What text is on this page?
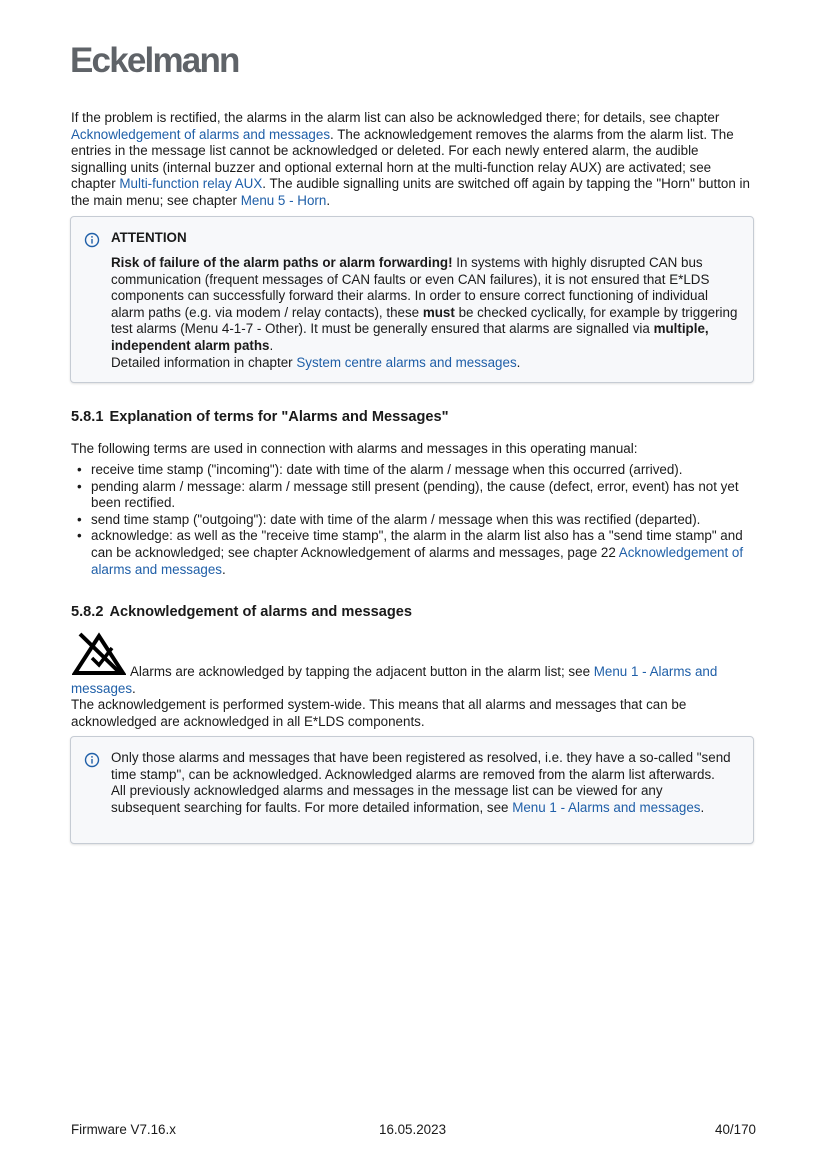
Eckelmann

If the problem is rectified, the alarms in the alarm list can also be acknowledged there; for details, see chapter Acknowledgement of alarms and messages. The acknowledgement removes the alarms from the alarm list. The entries in the message list cannot be acknowledged or deleted. For each newly entered alarm, the audible signalling units (internal buzzer and optional external horn at the multi-function relay AUX) are activated; see chapter Multi-function relay AUX. The audible signalling units are switched off again by tapping the "Horn" button in the main menu; see chapter Menu 5 - Horn.

ATTENTION
Risk of failure of the alarm paths or alarm forwarding! In systems with highly disrupted CAN bus communication (frequent messages of CAN faults or even CAN failures), it is not ensured that E*LDS components can successfully forward their alarms. In order to ensure correct functioning of individual alarm paths (e.g. via modem / relay contacts), these must be checked cyclically, for example by triggering test alarms (Menu 4-1-7 - Other). It must be generally ensured that alarms are signalled via multiple, independent alarm paths.
Detailed information in chapter System centre alarms and messages.
5.8.1 Explanation of terms for "Alarms and Messages"

The following terms are used in connection with alarms and messages in this operating manual:

• receive time stamp ("incoming"): date with time of the alarm / message when this occurred (arrived).
• pending alarm / message: alarm / message still present (pending), the cause (defect, error, event) has not yet been rectified.
• send time stamp ("outgoing"): date with time of the alarm / message when this was rectified (departed).
• acknowledge: as well as the "receive time stamp", the alarm in the alarm list also has a "send time stamp" and can be acknowledged; see chapter Acknowledgement of alarms and messages, page 22 Acknowledgement of alarms and messages.
5.8.2 Acknowledgement of alarms and messages

Alarms are acknowledged by tapping the adjacent button in the alarm list; see Menu 1 - Alarms and messages.

The acknowledgement is performed system-wide. This means that all alarms and messages that can be acknowledged are acknowledged in all E*LDS components.

Only those alarms and messages that have been registered as resolved, i.e. they have a so-called "send time stamp", can be acknowledged. Acknowledged alarms are removed from the alarm list afterwards. All previously acknowledged alarms and messages in the message list can be viewed for any subsequent searching for faults. For more detailed information, see Menu 1 - Alarms and messages.
Firmware V7.16.x	16.05.2023	40/170
